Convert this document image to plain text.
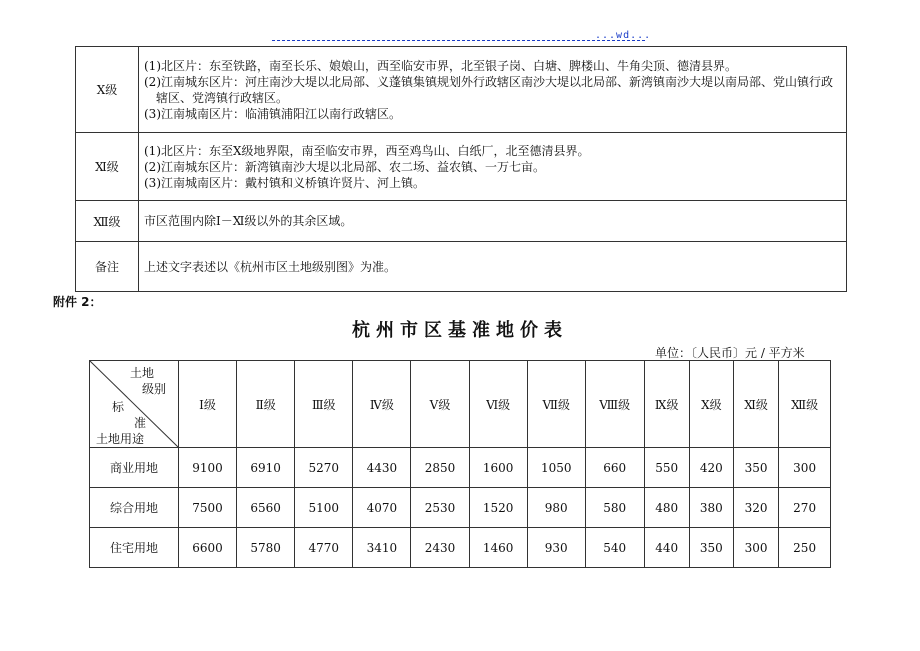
...wd...
Ⅹ级	(1)北区片：东至铁路，南至长乐、娘娘山，西至临安市界，北至银子岗、白塘、脾楼山、牛角尖顶、德清县界。
(2)江南城东区片：河庄南沙大堤以北局部、义蓬镇集镇规划外行政辖区南沙大堤以北局部、新湾镇南沙大堤以南局部、党山镇行政辖区、党湾镇行政辖区。
(3)江南城南区片：临浦镇浦阳江以南行政辖区。

Ⅺ级	(1)北区片：东至Ⅹ级地界限，南至临安市界，西至鸡鸟山、白纸厂，北至德清县界。
(2)江南城东区片：新湾镇南沙大堤以北局部、农二场、益农镇、一万七亩。
(3)江南城南区片：戴村镇和义桥镇许贤片、河上镇。

Ⅻ级	市区范围内除Ⅰ－Ⅺ级以外的其余区域。

备注	上述文字表述以《杭州市区土地级别图》为准。
附件 2：
杭州市区基准地价表
单位：〔人民币〕元 / 平方米
土地
级别
标
准
土地用途	Ⅰ级	Ⅱ级	Ⅲ级	Ⅳ级	Ⅴ级	Ⅵ级	Ⅶ级	Ⅷ级	Ⅸ级	Ⅹ级	Ⅺ级	Ⅻ级
商业用地	9100	6910	5270	4430	2850	1600	1050	660	550	420	350	300
综合用地	7500	6560	5100	4070	2530	1520	980	580	480	380	320	270
住宅用地	6600	5780	4770	3410	2430	1460	930	540	440	350	300	250
